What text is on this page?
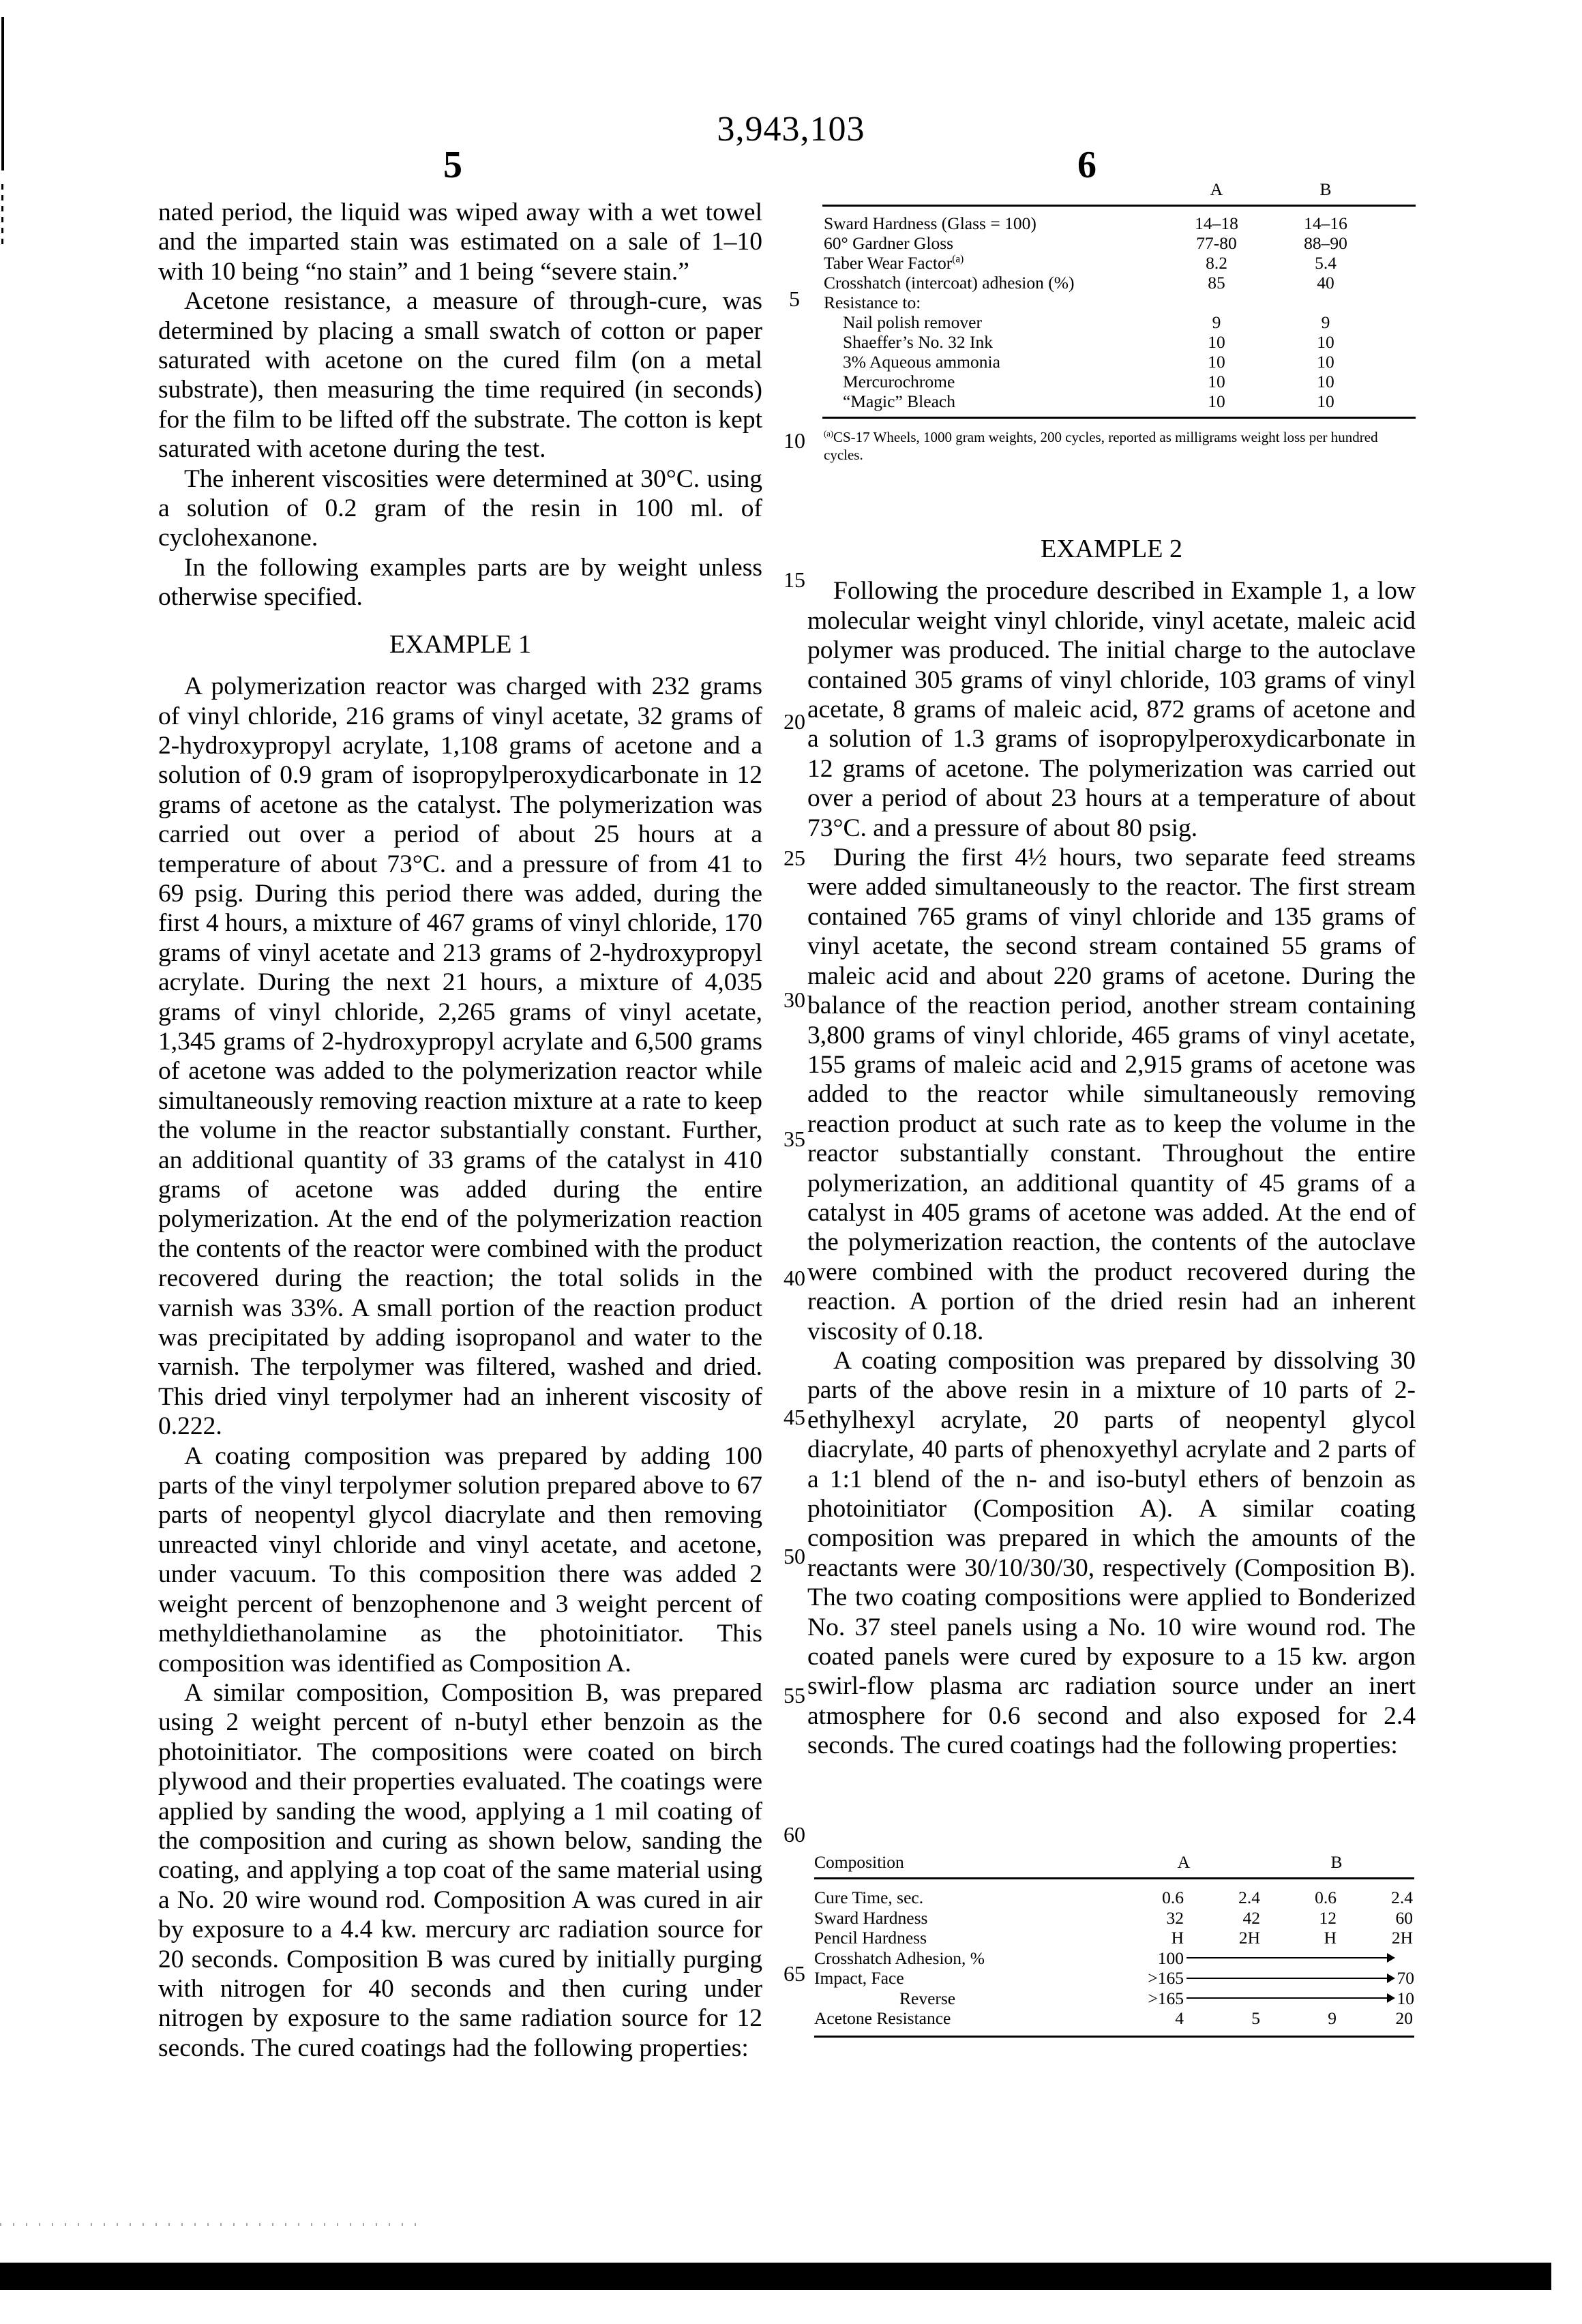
3,943,103
5	6

nated period, the liquid was wiped away with a wet towel and the imparted stain was estimated on a sale of 1–10 with 10 being “no stain” and 1 being “severe stain.”

Acetone resistance, a measure of through-cure, was determined by placing a small swatch of cotton or paper saturated with acetone on the cured film (on a metal substrate), then measuring the time required (in seconds) for the film to be lifted off the substrate. The cotton is kept saturated with acetone during the test.

The inherent viscosities were determined at 30°C. using a solution of 0.2 gram of the resin in 100 ml. of cyclohexanone.

In the following examples parts are by weight unless otherwise specified.

EXAMPLE 1

A polymerization reactor was charged with 232 grams of vinyl chloride, 216 grams of vinyl acetate, 32 grams of 2-hydroxypropyl acrylate, 1,108 grams of acetone and a solution of 0.9 gram of isopropylperoxydicarbonate in 12 grams of acetone as the catalyst. The polymerization was carried out over a period of about 25 hours at a temperature of about 73°C. and a pressure of from 41 to 69 psig. During this period there was added, during the first 4 hours, a mixture of 467 grams of vinyl chloride, 170 grams of vinyl acetate and 213 grams of 2-hydroxypropyl acrylate. During the next 21 hours, a mixture of 4,035 grams of vinyl chloride, 2,265 grams of vinyl acetate, 1,345 grams of 2-hydroxypropyl acrylate and 6,500 grams of acetone was added to the polymerization reactor while simultaneously removing reaction mixture at a rate to keep the volume in the reactor substantially constant. Further, an additional quantity of 33 grams of the catalyst in 410 grams of acetone was added during the entire polymerization. At the end of the polymerization reaction the contents of the reactor were combined with the product recovered during the reaction; the total solids in the varnish was 33%. A small portion of the reaction product was precipitated by adding isopropanol and water to the varnish. The terpolymer was filtered, washed and dried. This dried vinyl terpolymer had an inherent viscosity of 0.222.

A coating composition was prepared by adding 100 parts of the vinyl terpolymer solution prepared above to 67 parts of neopentyl glycol diacrylate and then removing unreacted vinyl chloride and vinyl acetate, and acetone, under vacuum. To this composition there was added 2 weight percent of benzophenone and 3 weight percent of methyldiethanolamine as the photoinitiator. This composition was identified as Composition A.

A similar composition, Composition B, was prepared using 2 weight percent of n-butyl ether benzoin as the photoinitiator. The compositions were coated on birch plywood and their properties evaluated. The coatings were applied by sanding the wood, applying a 1 mil coating of the composition and curing as shown below, sanding the coating, and applying a top coat of the same material using a No. 20 wire wound rod. Composition A was cured in air by exposure to a 4.4 kw. mercury arc radiation source for 20 seconds. Composition B was cured by initially purging with nitrogen for 40 seconds and then curing under nitrogen by exposure to the same radiation source for 12 seconds. The cured coatings had the following properties:

5
10
15
20
25
30
35
40
45
50
55
60
65
A	B
Sward Hardness (Glass = 100)	14–18	14–16
60° Gardner Gloss	77-80	88–90
Taber Wear Factor$^{(a)}$	8.2	5.4
Crosshatch (intercoat) adhesion (%)	85	40
Resistance to:
Nail polish remover	9	9
Shaeffer’s No. 32 Ink	10	10
3% Aqueous ammonia	10	10
Mercurochrome	10	10
“Magic” Bleach	10	10
$^{(a)}$CS-17 Wheels, 1000 gram weights, 200 cycles, reported as milligrams weight loss per hundred cycles.

EXAMPLE 2

Following the procedure described in Example 1, a low molecular weight vinyl chloride, vinyl acetate, maleic acid polymer was produced. The initial charge to the autoclave contained 305 grams of vinyl chloride, 103 grams of vinyl acetate, 8 grams of maleic acid, 872 grams of acetone and a solution of 1.3 grams of isopropylperoxydicarbonate in 12 grams of acetone. The polymerization was carried out over a period of about 23 hours at a temperature of about 73°C. and a pressure of about 80 psig.

During the first 4½ hours, two separate feed streams were added simultaneously to the reactor. The first stream contained 765 grams of vinyl chloride and 135 grams of vinyl acetate, the second stream contained 55 grams of maleic acid and about 220 grams of acetone. During the balance of the reaction period, another stream containing 3,800 grams of vinyl chloride, 465 grams of vinyl acetate, 155 grams of maleic acid and 2,915 grams of acetone was added to the reactor while simultaneously removing reaction product at such rate as to keep the volume in the reactor substantially constant. Throughout the entire polymerization, an additional quantity of 45 grams of a catalyst in 405 grams of acetone was added. At the end of the polymerization reaction, the contents of the autoclave were combined with the product recovered during the reaction. A portion of the dried resin had an inherent viscosity of 0.18.

A coating composition was prepared by dissolving 30 parts of the above resin in a mixture of 10 parts of 2-ethylhexyl acrylate, 20 parts of neopentyl glycol diacrylate, 40 parts of phenoxyethyl acrylate and 2 parts of a 1:1 blend of the n- and iso-butyl ethers of benzoin as photoinitiator (Composition A). A similar coating composition was prepared in which the amounts of the reactants were 30/10/30/30, respectively (Composition B). The two coating compositions were applied to Bonderized No. 37 steel panels using a No. 10 wire wound rod. The coated panels were cured by exposure to a 15 kw. argon swirl-flow plasma arc radiation source under an inert atmosphere for 0.6 second and also exposed for 2.4 seconds. The cured coatings had the following properties:

Composition	A	B
Cure Time, sec.	0.6	2.4	0.6	2.4
Sward Hardness	32	42	12	60
Pencil Hardness	H	2H	H	2H
Crosshatch Adhesion, %	100
Impact, Face	>165	70
Reverse	>165	10
Acetone Resistance	4	5	9	20
